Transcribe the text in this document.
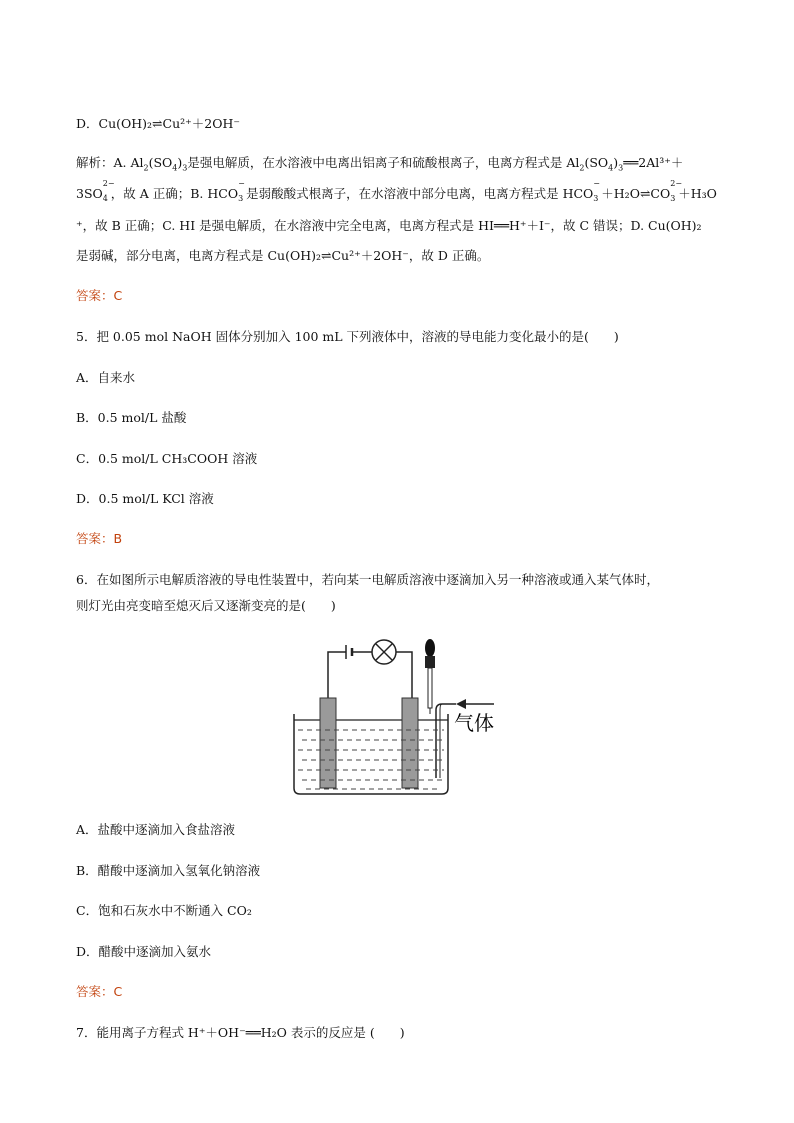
D．Cu(OH)₂⇌Cu²⁺＋2OH⁻
解析：A. $Al_2(SO_4)_3$是强电解质，在水溶液中电离出铝离子和硫酸根离子，电离方程式是 $Al_2(SO_4)_3══2Al^{3+}+$
3SO
2−
4 ，故 A 正确；B. HCO
−
3 是弱酸酸式根离子，在水溶液中部分电离，电离方程式是 HCO
−
3 ＋H₂O⇌CO
2−
3 ＋H₃O
⁺，故 B 正确；C. HI 是强电解质，在水溶液中完全电离，电离方程式是 HI══H⁺＋I⁻，故 C 错误；D. Cu(OH)₂
是弱碱，部分电离，电离方程式是 Cu(OH)₂⇌Cu²⁺＋2OH⁻，故 D 正确。
答案：C
5．把 0.05 mol NaOH 固体分别加入 100 mL 下列液体中，溶液的导电能力变化最小的是(　　)
A．自来水
B．0.5 mol/L 盐酸
C．0.5 mol/L CH₃COOH 溶液
D．0.5 mol/L KCl 溶液
答案：B
6．在如图所示电解质溶液的导电性装置中，若向某一电解质溶液中逐滴加入另一种溶液或通入某气体时，
则灯光由亮变暗至熄灭后又逐渐变亮的是(　　)
气体
A．盐酸中逐滴加入食盐溶液
B．醋酸中逐滴加入氢氧化钠溶液
C．饱和石灰水中不断通入 CO₂
D．醋酸中逐滴加入氨水
答案：C
7．能用离子方程式 H⁺＋OH⁻══H₂O 表示的反应是 (　　)
